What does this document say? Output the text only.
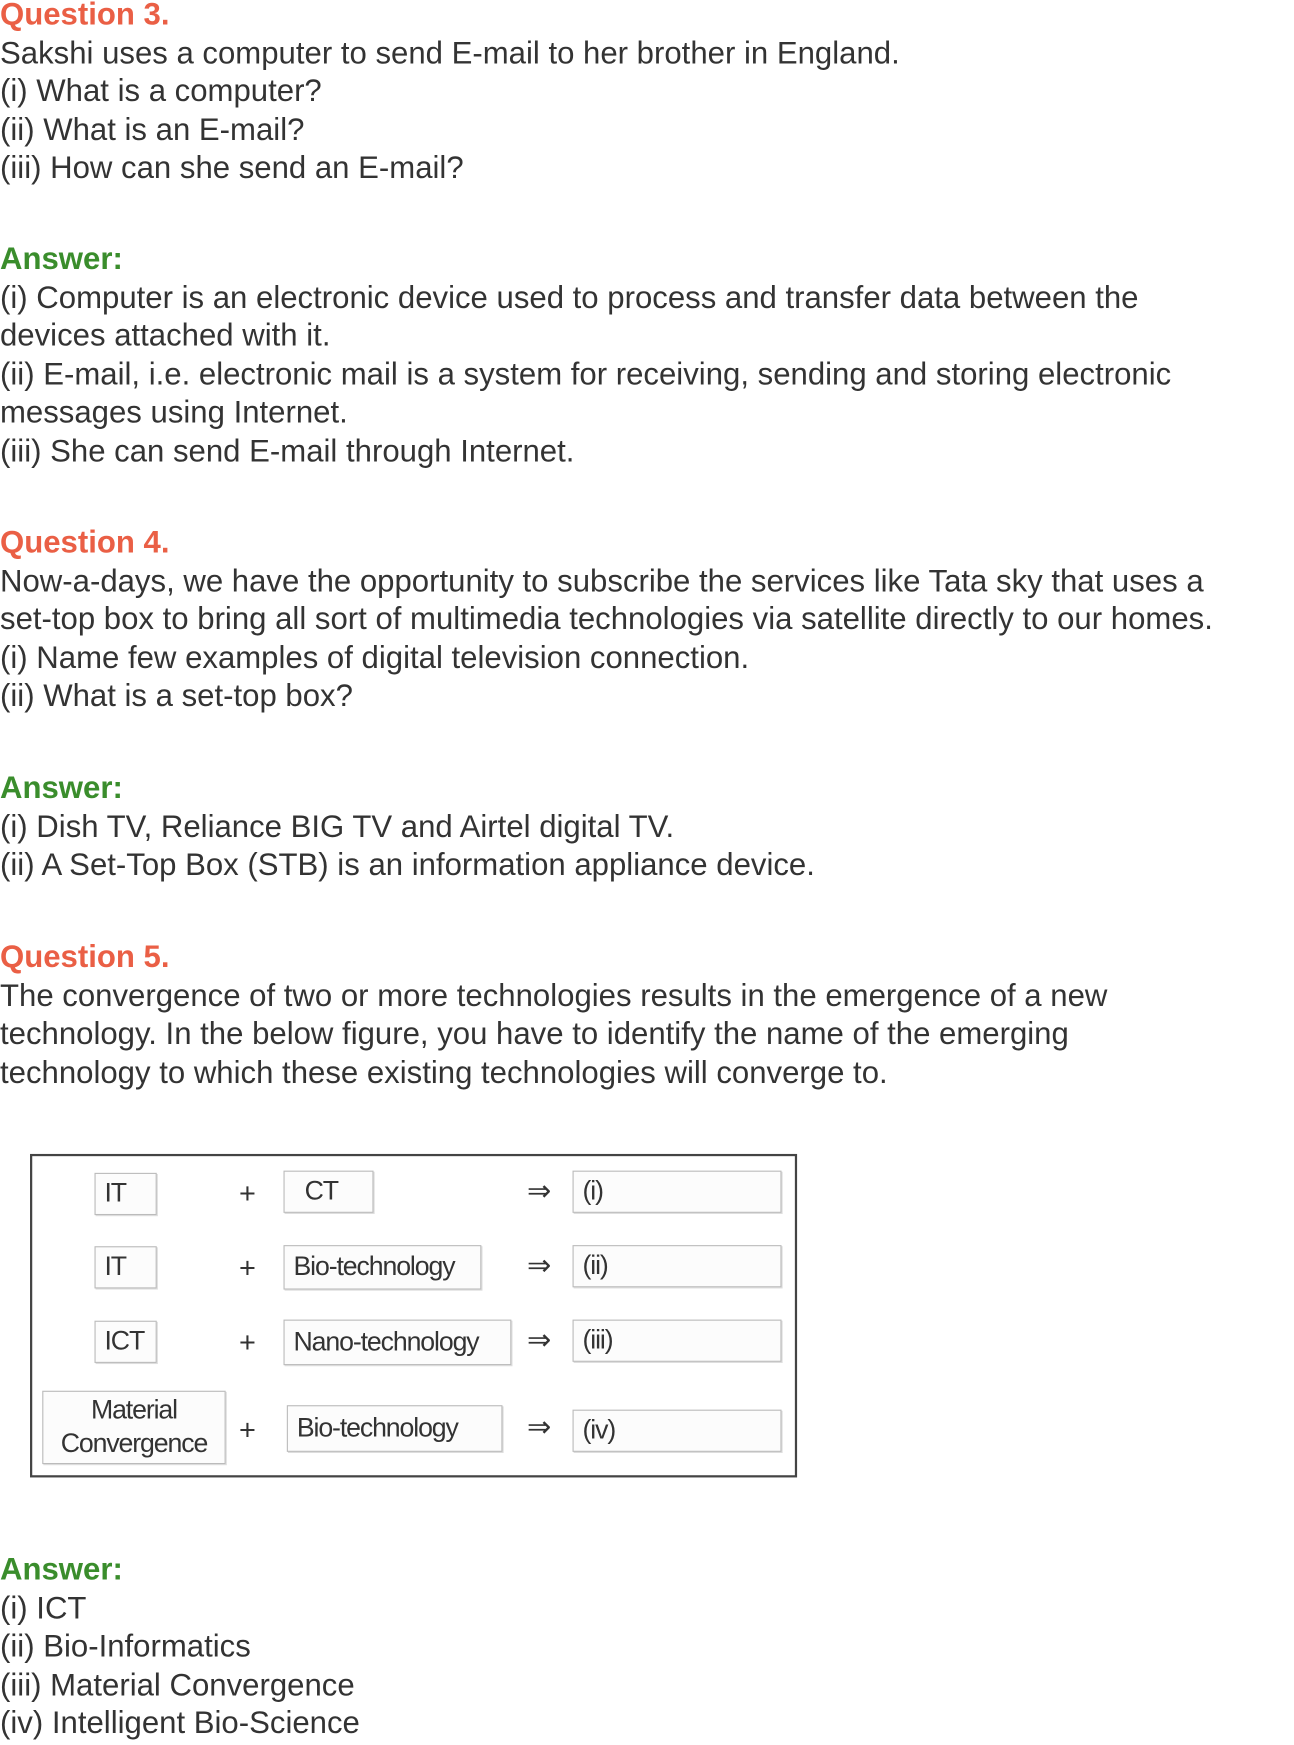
Question 3.
Sakshi uses a computer to send E-mail to her brother in England.
(i) What is a computer?
(ii) What is an E-mail?
(iii) How can she send an E-mail?
Answer:
(i) Computer is an electronic device used to process and transfer data between the
devices attached with it.
(ii) E-mail, i.e. electronic mail is a system for receiving, sending and storing electronic
messages using Internet.
(iii) She can send E-mail through Internet.
Question 4.
Now-a-days, we have the opportunity to subscribe the services like Tata sky that uses a
set-top box to bring all sort of multimedia technologies via satellite directly to our homes.
(i) Name few examples of digital television connection.
(ii) What is a set-top box?
Answer:
(i) Dish TV, Reliance BIG TV and Airtel digital TV.
(ii) A Set-Top Box (STB) is an information appliance device.
Question 5.
The convergence of two or more technologies results in the emergence of a new
technology. In the below figure, you have to identify the name of the emerging
technology to which these existing technologies will converge to.
IT	+	CT	⇒	(i)
IT	+	Bio-technology	⇒	(ii)
ICT	+	Nano-technology	⇒	(iii)
Material
Convergence +	Bio-technology	⇒	(iv)
Answer:
(i) ICT
(ii) Bio-Informatics
(iii) Material Convergence
(iv) Intelligent Bio-Science
